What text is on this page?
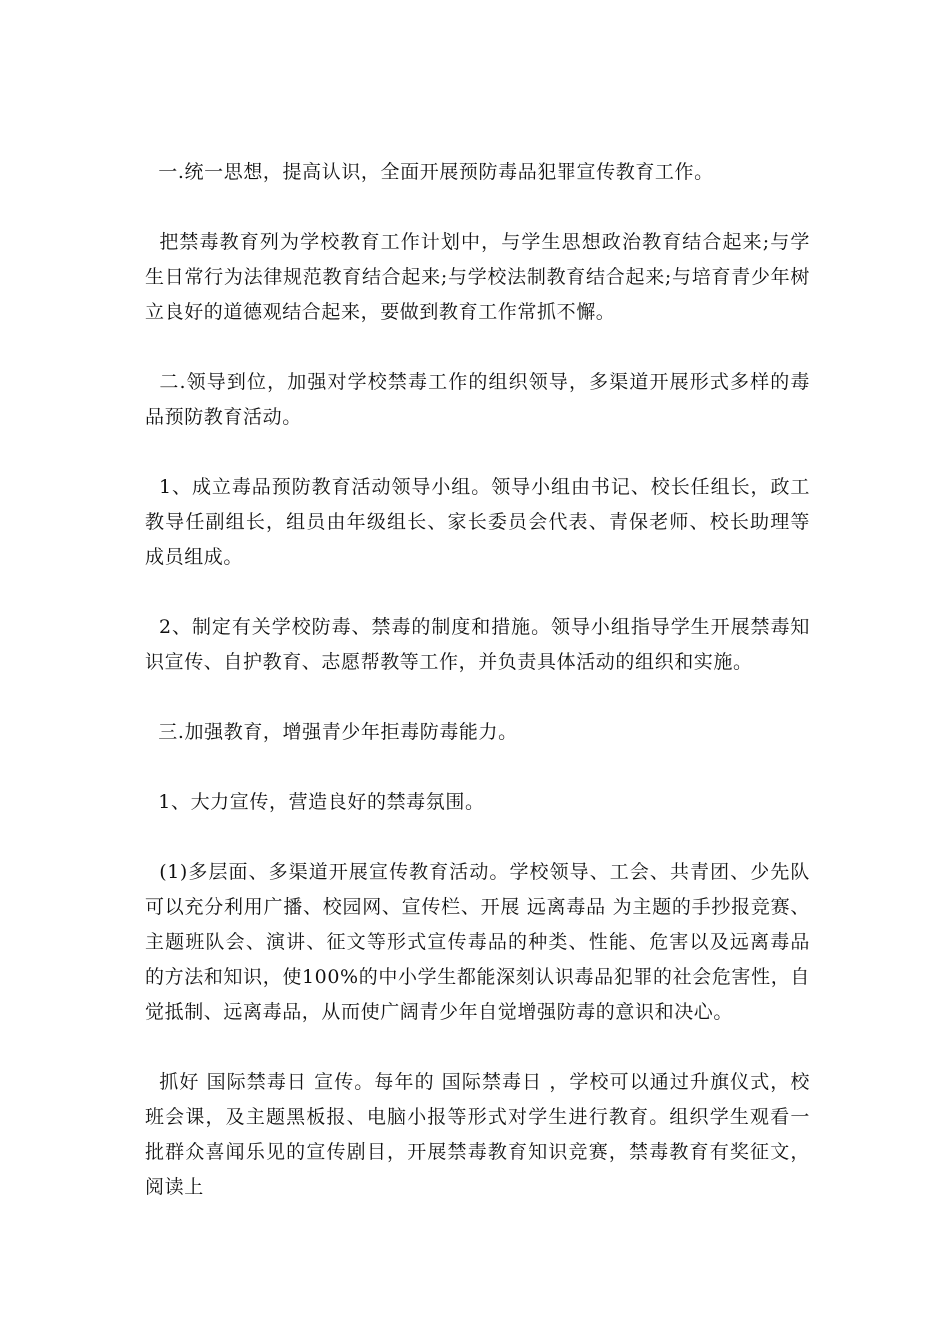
一.统一思想，提高认识，全面开展预防毒品犯罪宣传教育工作。

把禁毒教育列为学校教育工作计划中，与学生思想政治教育结合起来;与学生日常行为法律规范教育结合起来;与学校法制教育结合起来;与培育青少年树立良好的道德观结合起来，要做到教育工作常抓不懈。

二.领导到位，加强对学校禁毒工作的组织领导，多渠道开展形式多样的毒品预防教育活动。

1、成立毒品预防教育活动领导小组。领导小组由书记、校长任组长，政工教导任副组长，组员由年级组长、家长委员会代表、青保老师、校长助理等成员组成。

2、制定有关学校防毒、禁毒的制度和措施。领导小组指导学生开展禁毒知识宣传、自护教育、志愿帮教等工作，并负责具体活动的组织和实施。

三.加强教育，增强青少年拒毒防毒能力。

1、大力宣传，营造良好的禁毒氛围。

(1)多层面、多渠道开展宣传教育活动。学校领导、工会、共青团、少先队可以充分利用广播、校园网、宣传栏、开展 远离毒品 为主题的手抄报竞赛、主题班队会、演讲、征文等形式宣传毒品的种类、性能、危害以及远离毒品的方法和知识，使100%的中小学生都能深刻认识毒品犯罪的社会危害性，自觉抵制、远离毒品，从而使广阔青少年自觉增强防毒的意识和决心。

抓好 国际禁毒日 宣传。每年的 国际禁毒日 ，学校可以通过升旗仪式，校班会课，及主题黑板报、电脑小报等形式对学生进行教育。组织学生观看一批群众喜闻乐见的宣传剧目，开展禁毒教育知识竞赛，禁毒教育有奖征文，阅读上
